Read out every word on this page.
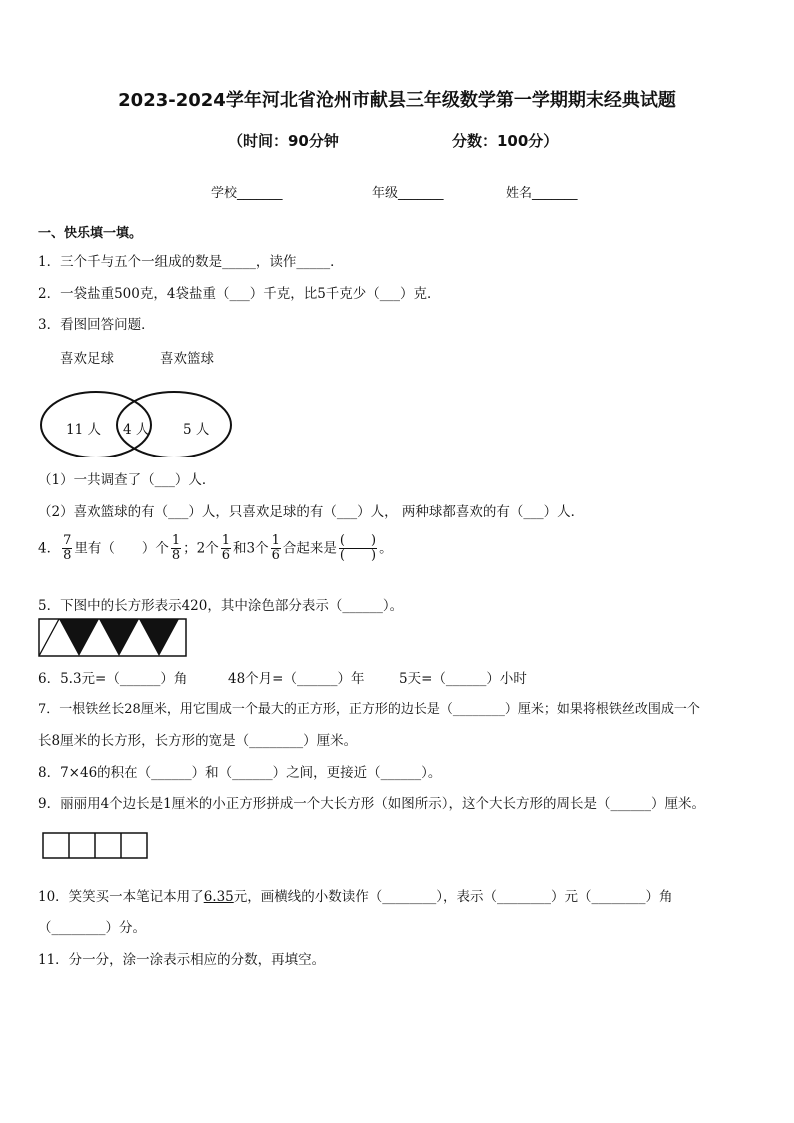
2023-2024学年河北省沧州市献县三年级数学第一学期期末经典试题
（时间：90分钟	分数：100分）
学校_______	年级_______	姓名_______
一、快乐填一填。
1．三个千与五个一组成的数是_____，读作_____．
2．一袋盐重500克，4袋盐重（___）千克，比5千克少（___）克．
3．看图回答问题．
喜欢足球	喜欢篮球
11 人 4 人 5 人
（1）一共调查了（___）人．
（2）喜欢篮球的有（___）人，只喜欢足球的有（___）人， 两种球都喜欢的有（___）人．
4． $\frac{7}{8}$ 里有（　　）个 $\frac{1}{8}$ ；2个 $\frac{1}{6}$ 和3个 $\frac{1}{6}$ 合起来是 (　　)
(　　) 。
5．下图中的长方形表示420，其中涂色部分表示（______）。
6．5.3元=（______）角	48个月=（______）年	5天=（______）小时
7．一根铁丝长28厘米，用它围成一个最大的正方形，正方形的边长是（________）厘米；如果将根铁丝改围成一个
长8厘米的长方形，长方形的宽是（________）厘米。
8．7×46的积在（______）和（______）之间，更接近（______）。
9．丽丽用4个边长是1厘米的小正方形拼成一个大长方形（如图所示），这个大长方形的周长是（______）厘米。
10．笑笑买一本笔记本用了6.35元，画横线的小数读作（________），表示（________）元（________）角
（________）分。
11．分一分，涂一涂表示相应的分数，再填空。
